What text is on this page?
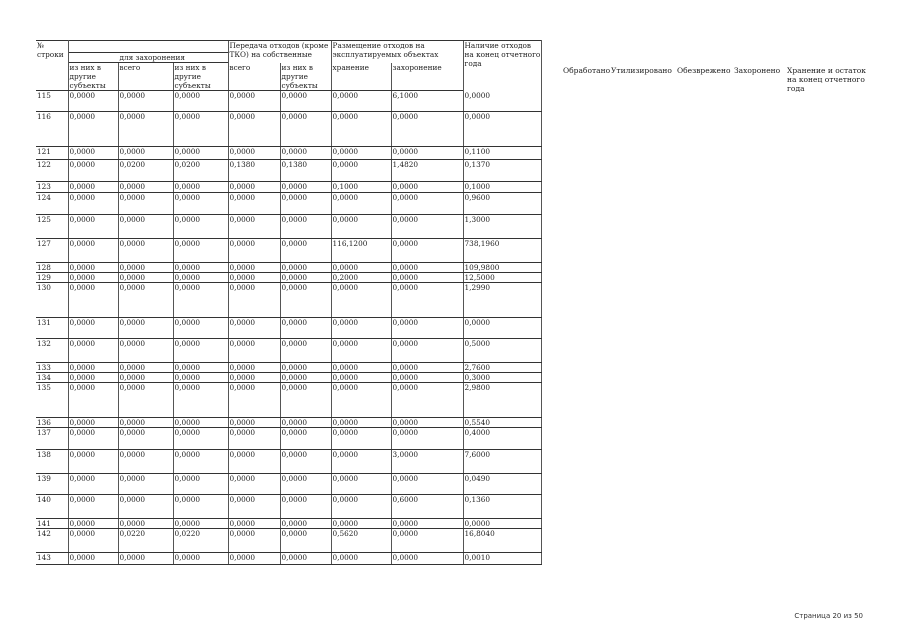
№ строки				Передача отходов (кроме ТКО) на собственные		Размещение отходов на эксплуатируемых объектах		Наличие отходов на конец отчетного года
	для захоронения							
	из них в другие субъекты	всего	из них в другие субъекты	всего	из них в другие субъекты	хранение	захоронение	
115	0,0000	0,0000	0,0000	0,0000	0,0000	0,0000	6,1000	0,0000
116	0,0000	0,0000	0,0000	0,0000	0,0000	0,0000	0,0000	0,0000
121	0,0000	0,0000	0,0000	0,0000	0,0000	0,0000	0,0000	0,1100
122	0,0000	0,0200	0,0200	0,1380	0,1380	0,0000	1,4820	0,1370
123	0,0000	0,0000	0,0000	0,0000	0,0000	0,1000	0,0000	0,1000
124	0,0000	0,0000	0,0000	0,0000	0,0000	0,0000	0,0000	0,9600
125	0,0000	0,0000	0,0000	0,0000	0,0000	0,0000	0,0000	1,3000
127	0,0000	0,0000	0,0000	0,0000	0,0000	116,1200	0,0000	738,1960
128	0,0000	0,0000	0,0000	0,0000	0,0000	0,0000	0,0000	109,9800
129	0,0000	0,0000	0,0000	0,0000	0,0000	0,2000	0,0000	12,5000
130	0,0000	0,0000	0,0000	0,0000	0,0000	0,0000	0,0000	1,2990
131	0,0000	0,0000	0,0000	0,0000	0,0000	0,0000	0,0000	0,0000
132	0,0000	0,0000	0,0000	0,0000	0,0000	0,0000	0,0000	0,5000
133	0,0000	0,0000	0,0000	0,0000	0,0000	0,0000	0,0000	2,7600
134	0,0000	0,0000	0,0000	0,0000	0,0000	0,0000	0,0000	0,3000
135	0,0000	0,0000	0,0000	0,0000	0,0000	0,0000	0,0000	2,9800
136	0,0000	0,0000	0,0000	0,0000	0,0000	0,0000	0,0000	0,5540
137	0,0000	0,0000	0,0000	0,0000	0,0000	0,0000	0,0000	0,4000
138	0,0000	0,0000	0,0000	0,0000	0,0000	0,0000	3,0000	7,6000
139	0,0000	0,0000	0,0000	0,0000	0,0000	0,0000	0,0000	0,0490
140	0,0000	0,0000	0,0000	0,0000	0,0000	0,0000	0,6000	0,1360
141	0,0000	0,0000	0,0000	0,0000	0,0000	0,0000	0,0000	0,0000
142	0,0000	0,0220	0,0220	0,0000	0,0000	0,5620	0,0000	16,8040
143	0,0000	0,0000	0,0000	0,0000	0,0000	0,0000	0,0000	0,0010
Обработано Утилизировано Обезврежено Захоронено Хранение и остаток на конец отчетного года
Страница 20 из 50
